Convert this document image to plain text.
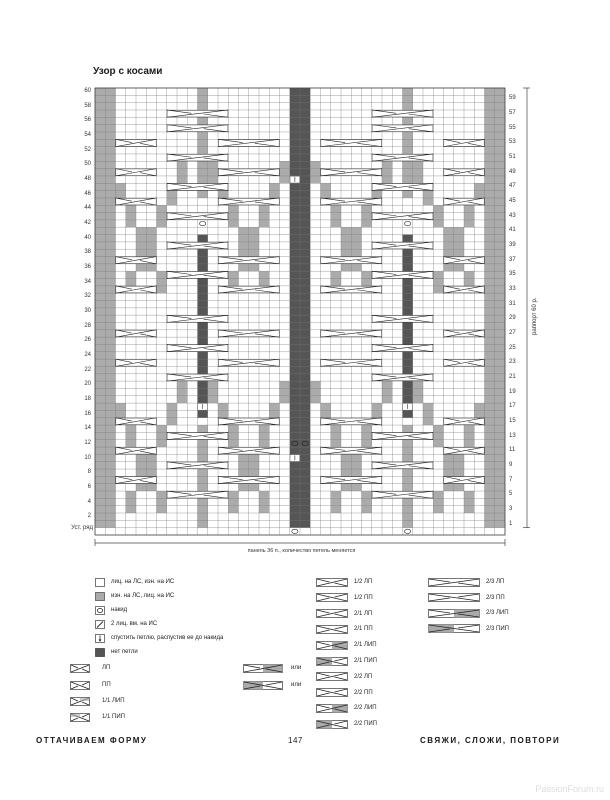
Узор с косами
60
58
56
54
52
50
48
46
44
42
40
38
36
34
32
30
28
26
24
22
20
18
16
14
12
10
8
6
4
2
59
57
55
53
51
49
47
45
43
41
39
37
35
33
31
29
27
25
23
21
19
17
15
13
11
9
7
5
3
1
Уст. ряд
раппорт 60 р.
панель 36 п., количество петель меняется
лиц. на ЛС, изн. на ИС
изн. на ЛС, лиц. на ИС
накид
2 лиц. вм. на ИС
спустить петлю, распустив ее до накида
нет петли
ЛП
ПП
1/1 ЛИП
1/1 ПИП
или
или
1/2 ЛП
1/2 ПП
2/1 ЛП
2/1 ПП
2/1 ЛИП
2/1 ПИП
2/2 ЛП
2/2 ПП
2/2 ЛИП
2/2 ПИП
2/3 ЛП
2/3 ПП
2/3 ЛИП
2/3 ПИП
ОТТАЧИВАЕМ ФОРМУ	147	СВЯЖИ, СЛОЖИ, ПОВТОРИ
PassionForum.ru
